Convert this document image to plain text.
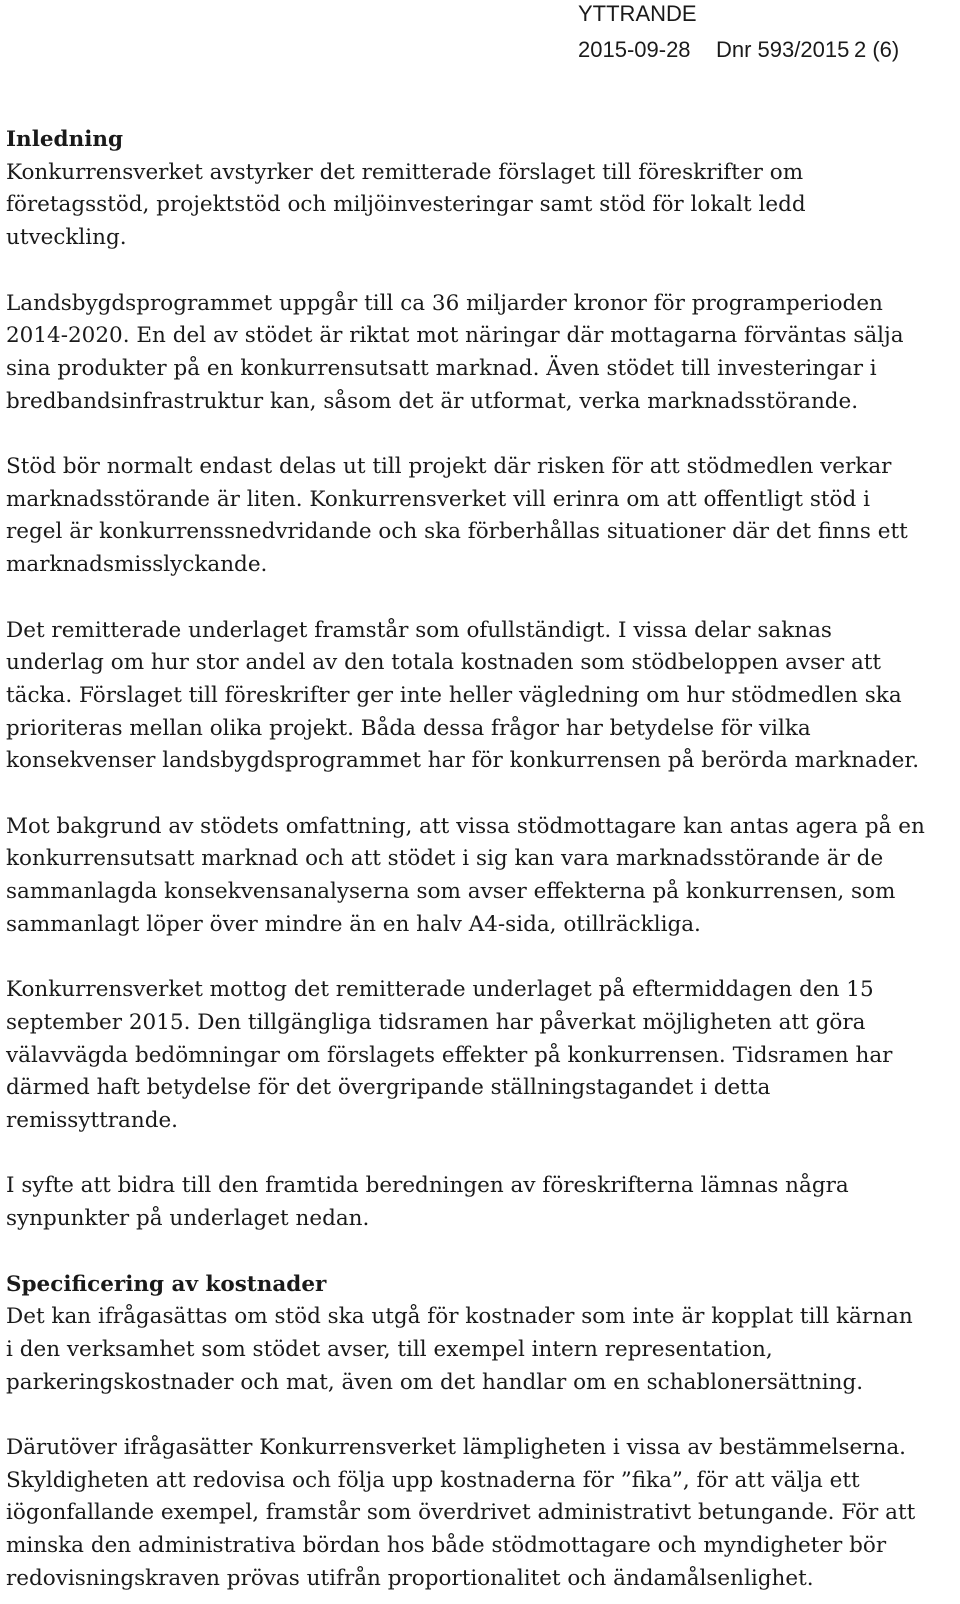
YTTRANDE
2015-09-28 Dnr 593/2015 2 (6)
Inledning

Konkurrensverket avstyrker det remitterade förslaget till föreskrifter om företagsstöd, projektstöd och miljöinvesteringar samt stöd för lokalt ledd utveckling.

Landsbygdsprogrammet uppgår till ca 36 miljarder kronor för programperioden 2014-2020. En del av stödet är riktat mot näringar där mottagarna förväntas sälja sina produkter på en konkurrensutsatt marknad. Även stödet till investeringar i bredbandsinfrastruktur kan, såsom det är utformat, verka marknadsstörande.

Stöd bör normalt endast delas ut till projekt där risken för att stödmedlen verkar marknadsstörande är liten. Konkurrensverket vill erinra om att offentligt stöd i regel är konkurrenssnedvridande och ska förberhållas situationer där det finns ett marknadsmisslyckande.

Det remitterade underlaget framstår som ofullständigt. I vissa delar saknas underlag om hur stor andel av den totala kostnaden som stödbeloppen avser att täcka. Förslaget till föreskrifter ger inte heller vägledning om hur stödmedlen ska prioriteras mellan olika projekt. Båda dessa frågor har betydelse för vilka konsekvenser landsbygdsprogrammet har för konkurrensen på berörda marknader.

Mot bakgrund av stödets omfattning, att vissa stödmottagare kan antas agera på en konkurrensutsatt marknad och att stödet i sig kan vara marknadsstörande är de sammanlagda konsekvensanalyserna som avser effekterna på konkurrensen, som sammanlagt löper över mindre än en halv A4-sida, otillräckliga.

Konkurrensverket mottog det remitterade underlaget på eftermiddagen den 15 september 2015. Den tillgängliga tidsramen har påverkat möjligheten att göra välavvägda bedömningar om förslagets effekter på konkurrensen. Tidsramen har därmed haft betydelse för det övergripande ställningstagandet i detta remissyttrande.

I syfte att bidra till den framtida beredningen av föreskrifterna lämnas några synpunkter på underlaget nedan.

Specificering av kostnader

Det kan ifrågasättas om stöd ska utgå för kostnader som inte är kopplat till kärnan i den verksamhet som stödet avser, till exempel intern representation, parkeringskostnader och mat, även om det handlar om en schablonersättning.

Därutöver ifrågasätter Konkurrensverket lämpligheten i vissa av bestämmelserna. Skyldigheten att redovisa och följa upp kostnaderna för ”fika”, för att välja ett iögonfallande exempel, framstår som överdrivet administrativt betungande. För att minska den administrativa bördan hos både stödmottagare och myndigheter bör redovisningskraven prövas utifrån proportionalitet och ändamålsenlighet.
